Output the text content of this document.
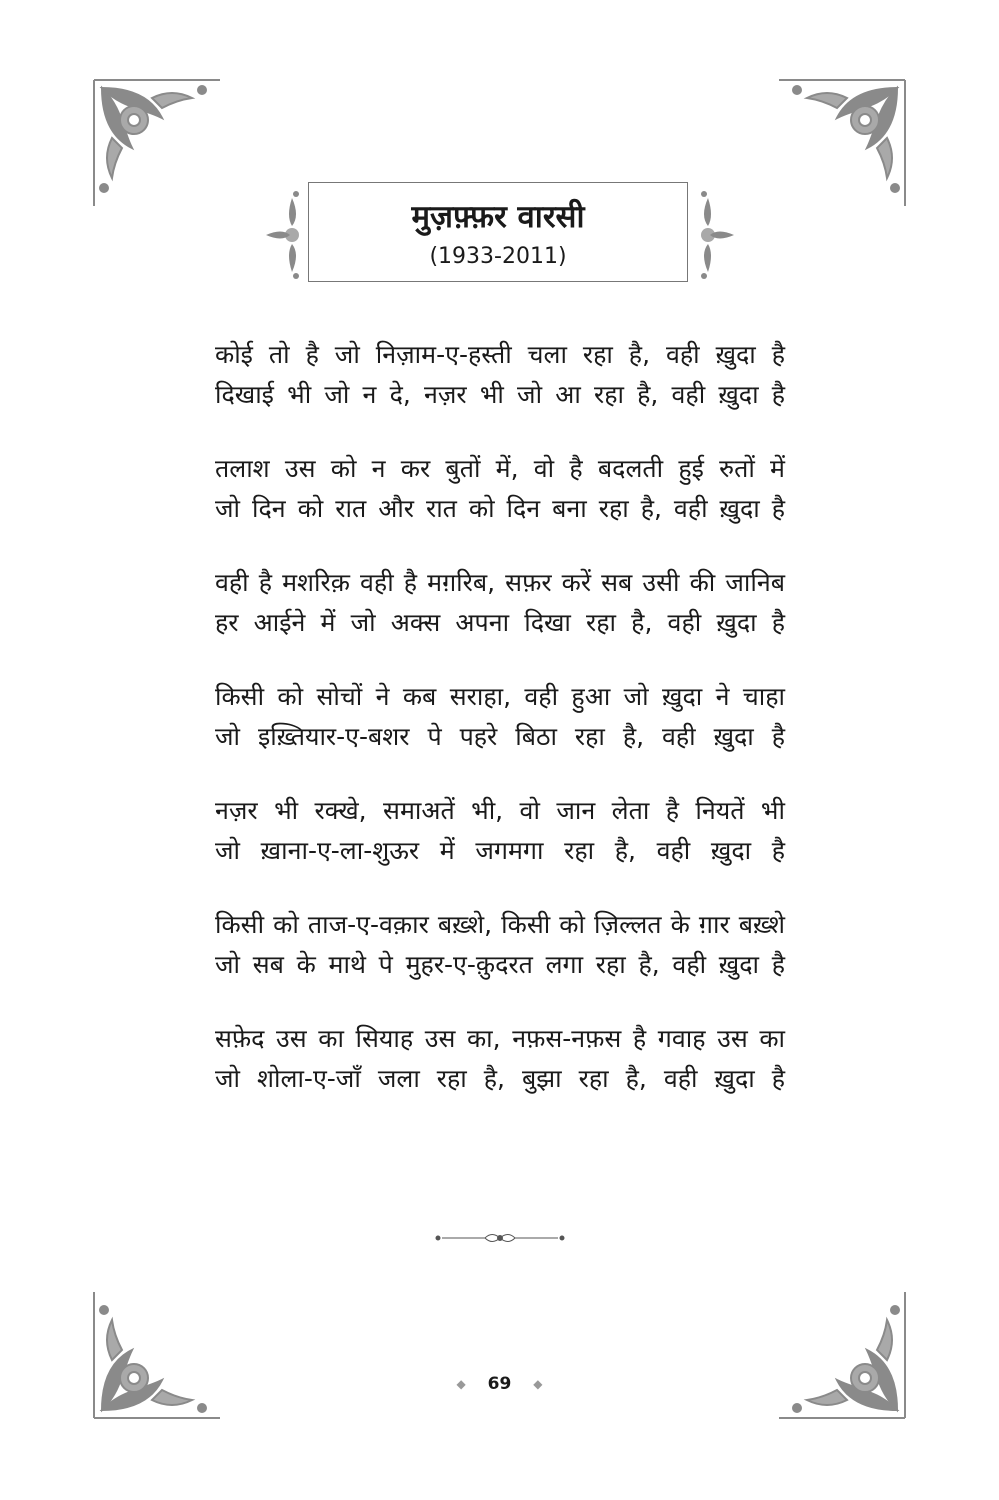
मुज़फ़्फ़र वारसी
(1933-2011)
कोई तो है जो निज़ाम-ए-हस्ती चला रहा है, वही ख़ुदा है
दिखाई भी जो न दे, नज़र भी जो आ रहा है, वही ख़ुदा है
तलाश उस को न कर बुतों में, वो है बदलती हुई रुतों में
जो दिन को रात और रात को दिन बना रहा है, वही ख़ुदा है
वही है मशरिक़ वही है मग़रिब, सफ़र करें सब उसी की जानिब
हर आईने में जो अक्स अपना दिखा रहा है, वही ख़ुदा है
किसी को सोचों ने कब सराहा, वही हुआ जो ख़ुदा ने चाहा
जो इख़्तियार-ए-बशर पे पहरे बिठा रहा है, वही ख़ुदा है
नज़र भी रक्खे, समाअतें भी, वो जान लेता है नियतें भी
जो ख़ाना-ए-ला-शुऊर में जगमगा रहा है, वही ख़ुदा है
किसी को ताज-ए-वक़ार बख़्शे, किसी को ज़िल्लत के ग़ार बख़्शे
जो सब के माथे पे मुहर-ए-क़ुदरत लगा रहा है, वही ख़ुदा है
सफ़ेद उस का सियाह उस का, नफ़स-नफ़स है गवाह उस का
जो शोला-ए-जाँ जला रहा है, बुझा रहा है, वही ख़ुदा है
◆ 69 ◆
